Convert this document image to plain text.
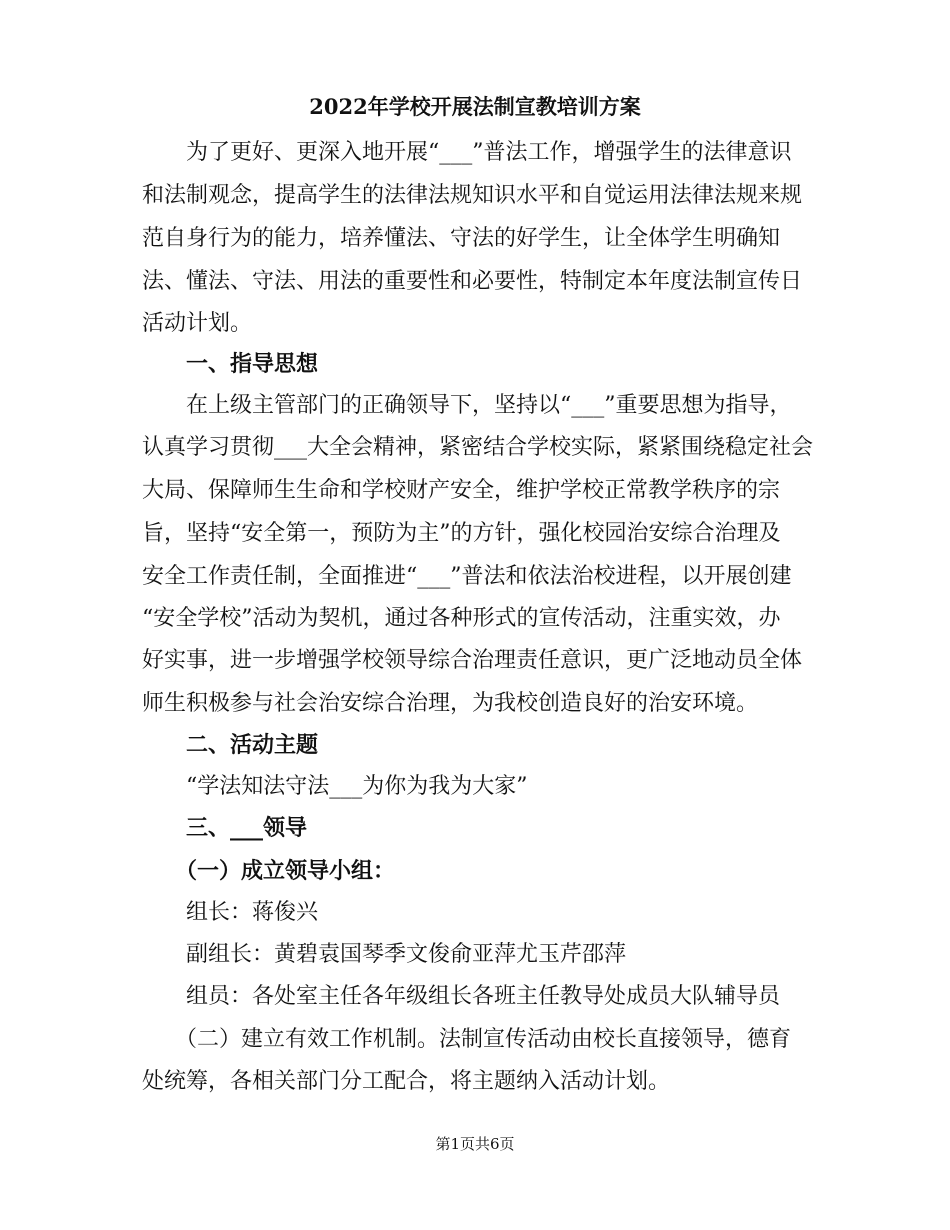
2022年学校开展法制宣教培训方案
　　为了更好、更深入地开展“___”普法工作，增强学生的法律意识
和法制观念，提高学生的法律法规知识水平和自觉运用法律法规来规
范自身行为的能力，培养懂法、守法的好学生，让全体学生明确知
法、懂法、守法、用法的重要性和必要性，特制定本年度法制宣传日
活动计划。
　　一、指导思想
　　在上级主管部门的正确领导下，坚持以“___”重要思想为指导，
认真学习贯彻___大全会精神，紧密结合学校实际，紧紧围绕稳定社会
大局、保障师生生命和学校财产安全，维护学校正常教学秩序的宗
旨，坚持“安全第一，预防为主”的方针，强化校园治安综合治理及
安全工作责任制，全面推进“___”普法和依法治校进程，以开展创建
“安全学校”活动为契机，通过各种形式的宣传活动，注重实效，办
好实事，进一步增强学校领导综合治理责任意识，更广泛地动员全体
师生积极参与社会治安综合治理，为我校创造良好的治安环境。
　　二、活动主题
　　“学法知法守法___为你为我为大家”
　　三、___领导
　　（一）成立领导小组：
　　组长：蒋俊兴
　　副组长：黄碧袁国琴季文俊俞亚萍尤玉芹邵萍
　　组员：各处室主任各年级组长各班主任教导处成员大队辅导员
　　（二）建立有效工作机制。法制宣传活动由校长直接领导，德育
处统筹，各相关部门分工配合，将主题纳入活动计划。
第1页共6页
